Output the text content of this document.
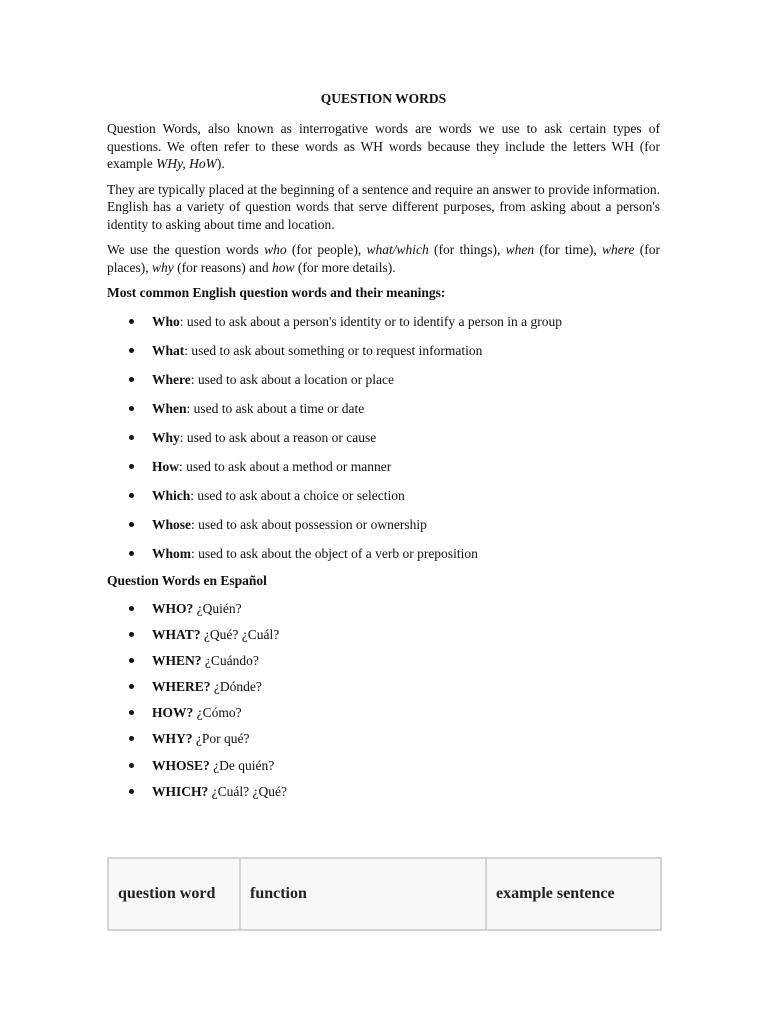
QUESTION WORDS

Question Words, also known as interrogative words are words we use to ask certain types of questions. We often refer to these words as WH words because they include the letters WH (for example WHy, HoW).

They are typically placed at the beginning of a sentence and require an answer to provide information. English has a variety of question words that serve different purposes, from asking about a person's identity to asking about time and location.

We use the question words who (for people), what/which (for things), when (for time), where (for places), why (for reasons) and how (for more details).

Most common English question words and their meanings:
Who: used to ask about a person's identity or to identify a person in a group
What: used to ask about something or to request information
Where: used to ask about a location or place
When: used to ask about a time or date
Why: used to ask about a reason or cause
How: used to ask about a method or manner
Which: used to ask about a choice or selection
Whose: used to ask about possession or ownership
Whom: used to ask about the object of a verb or preposition
Question Words en Español
WHO? ¿Quién?
WHAT? ¿Qué? ¿Cuál?
WHEN? ¿Cuándo?
WHERE? ¿Dónde?
HOW? ¿Cómo?
WHY? ¿Por qué?
WHOSE? ¿De quién?
WHICH? ¿Cuál? ¿Qué?
question word	function	example sentence
